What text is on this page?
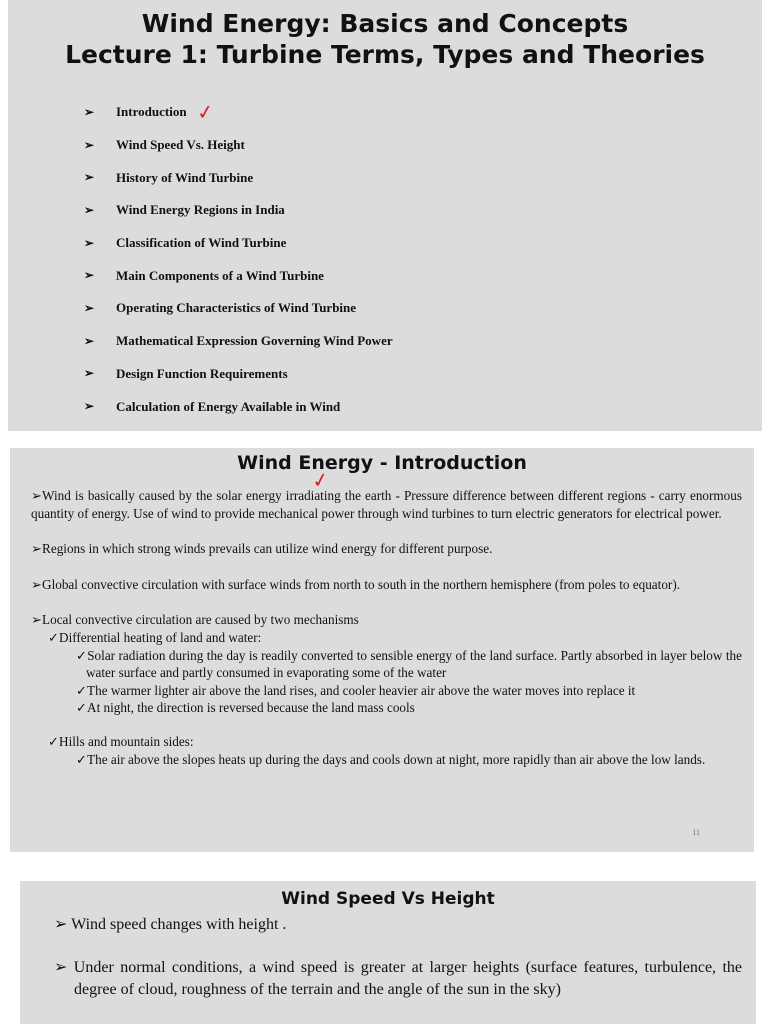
Wind Energy: Basics and Concepts
Lecture 1: Turbine Terms, Types and Theories
➢	Introduction ✓
➢	Wind Speed Vs. Height
➢	History of Wind Turbine
➢	Wind Energy Regions in India
➢	Classification of Wind Turbine
➢	Main Components of a Wind Turbine
➢	Operating Characteristics of Wind Turbine
➢	Mathematical Expression Governing Wind Power
➢	Design Function Requirements
➢	Calculation of Energy Available in Wind
Wind Energy - Introduction
✓

➢Wind is basically caused by the solar energy irradiating the earth - Pressure difference between different regions - carry enormous quantity of energy. Use of wind to provide mechanical power through wind turbines to turn electric generators for electrical power.

➢Regions in which strong winds prevails can utilize wind energy for different purpose.

➢Global convective circulation with surface winds from north to south in the northern hemisphere (from poles to equator).

➢Local convective circulation are caused by two mechanisms

✓Differential heating of land and water:

✓Solar radiation during the day is readily converted to sensible energy of the land surface. Partly absorbed in layer below the water surface and partly consumed in evaporating some of the water

✓The warmer lighter air above the land rises, and cooler heavier air above the water moves into replace it

✓At night, the direction is reversed because the land mass cools

✓Hills and mountain sides:

✓The air above the slopes heats up during the days and cools down at night, more rapidly than air above the low lands.

11
Wind Speed Vs Height

➢ Wind speed changes with height .

➢ Under normal conditions, a wind speed is greater at larger heights (surface features, turbulence, the degree of cloud, roughness of the terrain and the angle of the sun in the sky)
